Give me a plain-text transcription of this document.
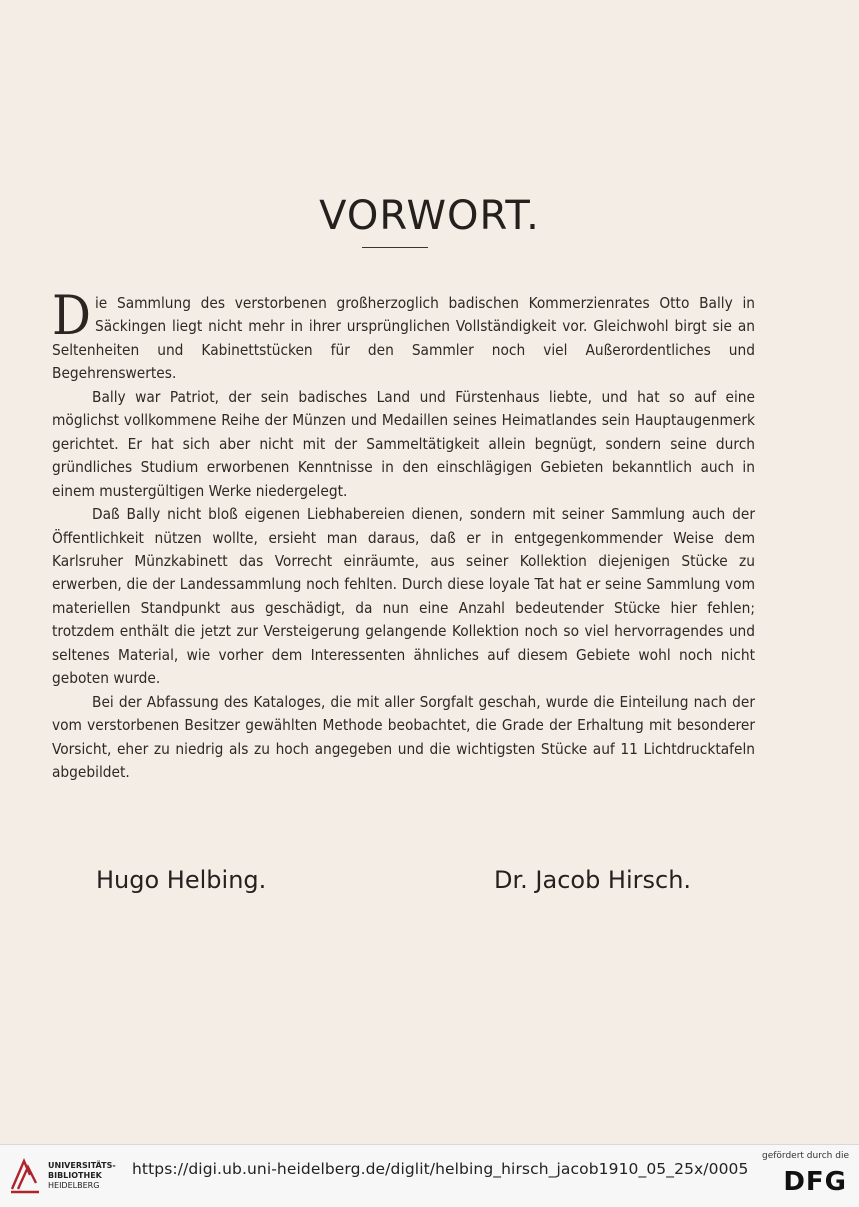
VORWORT.

Die Sammlung des verstorbenen großherzoglich badischen Kommerzienrates Otto Bally in Säckingen liegt nicht mehr in ihrer ursprünglichen Vollständigkeit vor. Gleichwohl birgt sie an Seltenheiten und Kabinettstücken für den Sammler noch viel Außerordentliches und Begehrenswertes.

Bally war Patriot, der sein badisches Land und Fürstenhaus liebte, und hat so auf eine möglichst vollkommene Reihe der Münzen und Medaillen seines Heimatlandes sein Hauptaugenmerk gerichtet. Er hat sich aber nicht mit der Sammeltätigkeit allein begnügt, sondern seine durch gründliches Studium erworbenen Kenntnisse in den einschlägigen Gebieten bekanntlich auch in einem mustergültigen Werke niedergelegt.

Daß Bally nicht bloß eigenen Liebhabereien dienen, sondern mit seiner Sammlung auch der Öffentlichkeit nützen wollte, ersieht man daraus, daß er in entgegenkommender Weise dem Karlsruher Münzkabinett das Vorrecht einräumte, aus seiner Kollektion diejenigen Stücke zu erwerben, die der Landessammlung noch fehlten. Durch diese loyale Tat hat er seine Sammlung vom materiellen Standpunkt aus geschädigt, da nun eine Anzahl bedeutender Stücke hier fehlen; trotzdem enthält die jetzt zur Versteigerung gelangende Kollektion noch so viel hervorragendes und seltenes Material, wie vorher dem Interessenten ähnliches auf diesem Gebiete wohl noch nicht geboten wurde.

Bei der Abfassung des Kataloges, die mit aller Sorgfalt geschah, wurde die Einteilung nach der vom verstorbenen Besitzer gewählten Methode beobachtet, die Grade der Erhaltung mit besonderer Vorsicht, eher zu niedrig als zu hoch angegeben und die wichtigsten Stücke auf 11 Lichtdrucktafeln abgebildet.

Hugo Helbing.	Dr. Jacob Hirsch.
UNIVERSITÄTS-
BIBLIOTHEK
HEIDELBERG
https://digi.ub.uni-heidelberg.de/diglit/helbing_hirsch_jacob1910_05_25x/0005
gefördert durch die
DFG
